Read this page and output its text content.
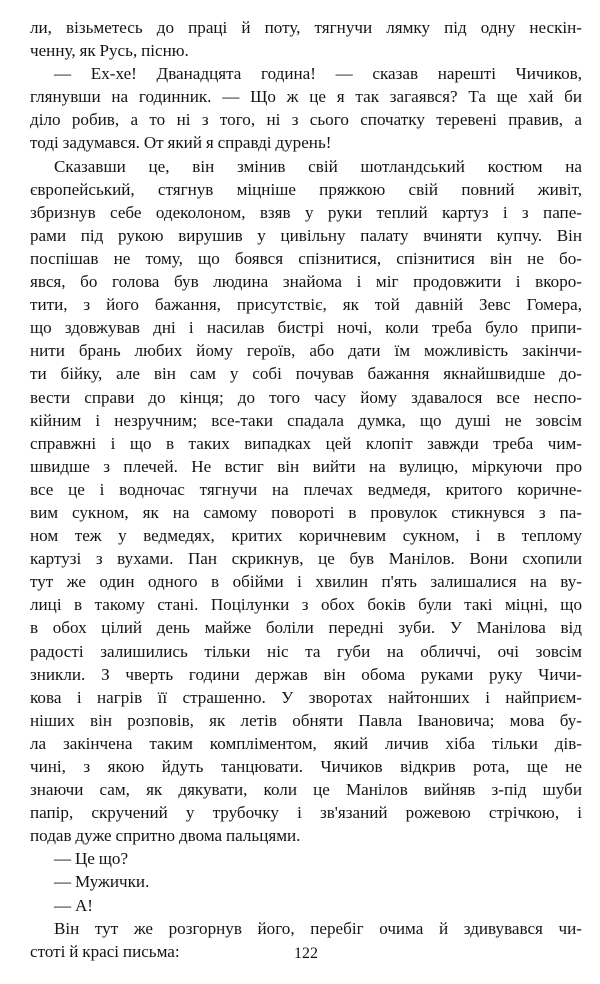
ли, візьметесь до праці й поту, тягнучи лямку під одну нескін-
ченну, як Русь, пісню.
— Ех-хе! Дванадцята година! — сказав нарешті Чичиков,
глянувши на годинник. — Що ж це я так загаявся? Та ще хай би
діло робив, а то ні з того, ні з сього спочатку теревені правив, а
тоді задумався. От який я справді дурень!
Сказавши це, він змінив свій шотландський костюм на
європейський, стягнув міцніше пряжкою свій повний живіт,
збризнув себе одеколоном, взяв у руки теплий картуз і з папе-
рами під рукою вирушив у цивільну палату вчиняти купчу. Він
поспішав не тому, що боявся спізнитися, спізнитися він не бо-
явся, бо голова був людина знайома і міг продовжити і вкоро-
тити, з його бажання, присутствіє, як той давній Зевс Гомера,
що здовжував дні і насилав бистрі ночі, коли треба було припи-
нити брань любих йому героїв, або дати їм можливість закінчи-
ти бійку, але він сам у собі почував бажання якнайшвидше до-
вести справи до кінця; до того часу йому здавалося все неспо-
кійним і незручним; все-таки спадала думка, що душі не зовсім
справжні і що в таких випадках цей клопіт завжди треба чим-
швидше з плечей. Не встиг він вийти на вулицю, міркуючи про
все це і водночас тягнучи на плечах ведмедя, критого коричне-
вим сукном, як на самому повороті в провулок стикнувся з па-
ном теж у ведмедях, критих коричневим сукном, і в теплому
картузі з вухами. Пан скрикнув, це був Манілов. Вони схопили
тут же один одного в обійми і хвилин п'ять залишалися на ву-
лиці в такому стані. Поцілунки з обох боків були такі міцні, що
в обох цілий день майже боліли передні зуби. У Манілова від
радості залишились тільки ніс та губи на обличчі, очі зовсім
зникли. З чверть години держав він обома руками руку Чичи-
кова і нагрів її страшенно. У зворотах найтонших і найприєм-
ніших він розповів, як летів обняти Павла Івановича; мова бу-
ла закінчена таким компліментом, який личив хіба тільки дів-
чині, з якою йдуть танцювати. Чичиков відкрив рота, ще не
знаючи сам, як дякувати, коли це Манілов вийняв з-під шуби
папір, скручений у трубочку і зв'язаний рожевою стрічкою, і
подав дуже спритно двома пальцями.
— Це що?
— Мужички.
— А!
Він тут же розгорнув його, перебіг очима й здивувався чи-
стоті й красі письма:	122
